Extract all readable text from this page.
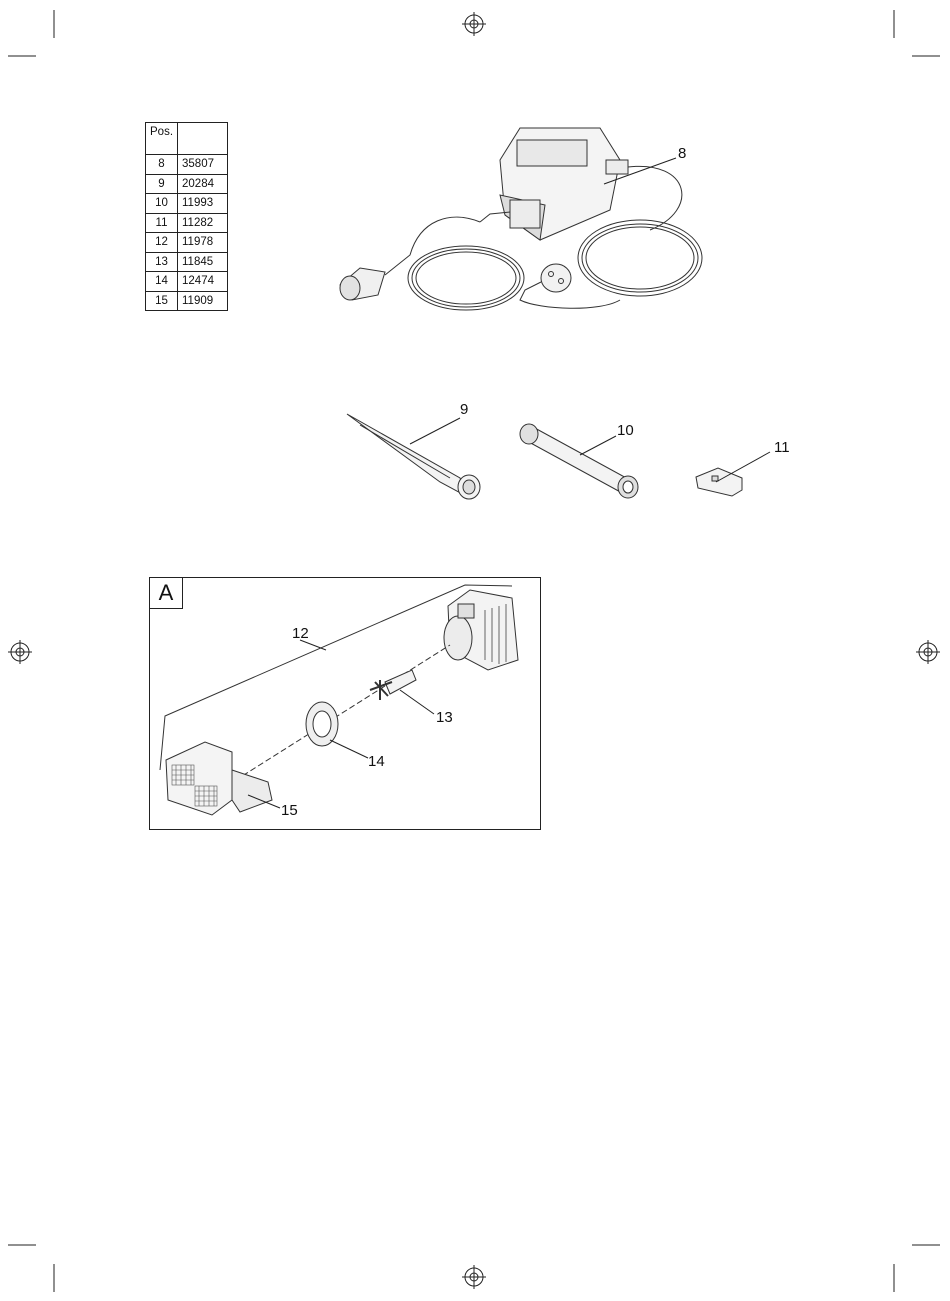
Pos.	
8	35807
9	20284
10	11993
11	11282
12	11978
13	11845
14	12474
15	11909
8
9
10
11
A
12
13
14
15
